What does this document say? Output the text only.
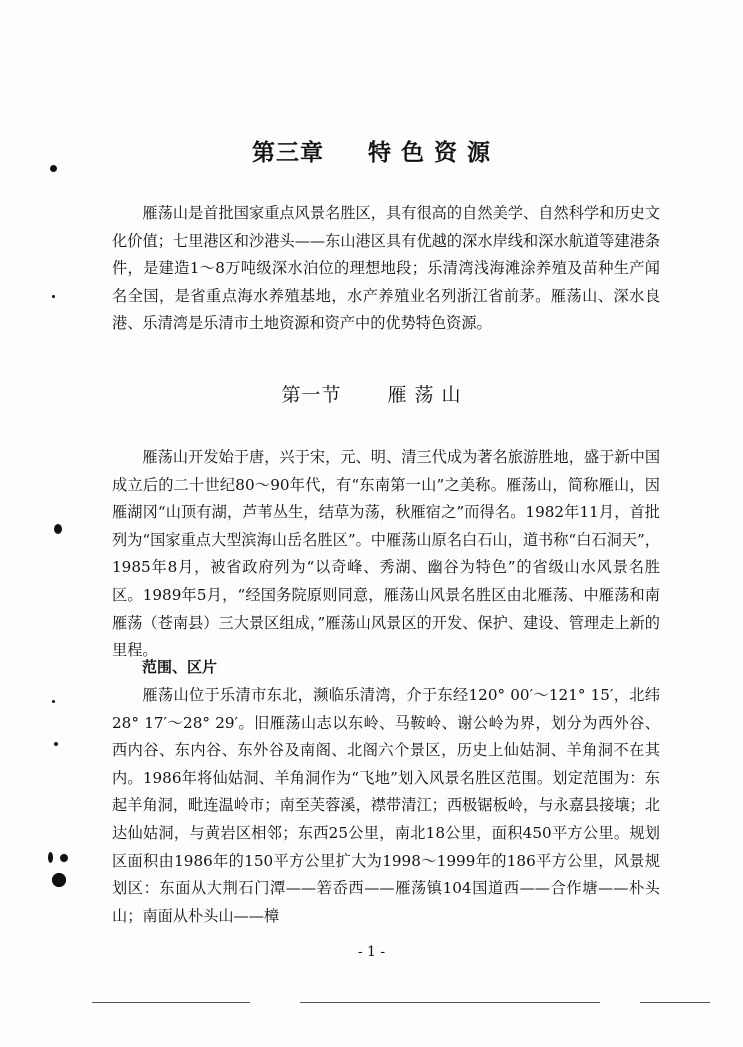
第三章 特 色 资 源

雁荡山是首批国家重点风景名胜区，具有很高的自然美学、自然科学和历史文化价值；七里港区和沙港头——东山港区具有优越的深水岸线和深水航道等建港条件，是建造1～8万吨级深水泊位的理想地段；乐清湾浅海滩涂养殖及苗种生产闻名全国，是省重点海水养殖基地，水产养殖业名列浙江省前茅。雁荡山、深水良港、乐清湾是乐清市土地资源和资产中的优势特色资源。

第一节 雁 荡 山

雁荡山开发始于唐，兴于宋，元、明、清三代成为著名旅游胜地，盛于新中国成立后的二十世纪80～90年代，有“东南第一山”之美称。雁荡山，简称雁山，因雁湖冈“山顶有湖，芦苇丛生，结草为荡，秋雁宿之”而得名。1982年11月，首批列为“国家重点大型滨海山岳名胜区”。中雁荡山原名白石山，道书称“白石洞天”，1985年8月，被省政府列为“以奇峰、秀湖、幽谷为特色”的省级山水风景名胜区。1989年5月，“经国务院原则同意，雁荡山风景名胜区由北雁荡、中雁荡和南雁荡（苍南县）三大景区组成，”雁荡山风景区的开发、保护、建设、管理走上新的里程。

范围、区片

雁荡山位于乐清市东北，濒临乐清湾，介于东经120° 00′～121° 15′，北纬28° 17′～28° 29′。旧雁荡山志以东岭、马鞍岭、谢公岭为界，划分为西外谷、西内谷、东内谷、东外谷及南阁、北阁六个景区，历史上仙姑洞、羊角洞不在其内。1986年将仙姑洞、羊角洞作为“飞地”划入风景名胜区范围。划定范围为：东起羊角洞，毗连温岭市；南至芙蓉溪，襟带清江；西极锯板岭，与永嘉县接壤；北达仙姑洞，与黄岩区相邻；东西25公里，南北18公里，面积450平方公里。规划区面积由1986年的150平方公里扩大为1998～1999年的186平方公里，风景规划区：东面从大荆石门潭——箬岙西——雁荡镇104国道西——合作塘——朴头山；南面从朴头山——樟

- 1 -
